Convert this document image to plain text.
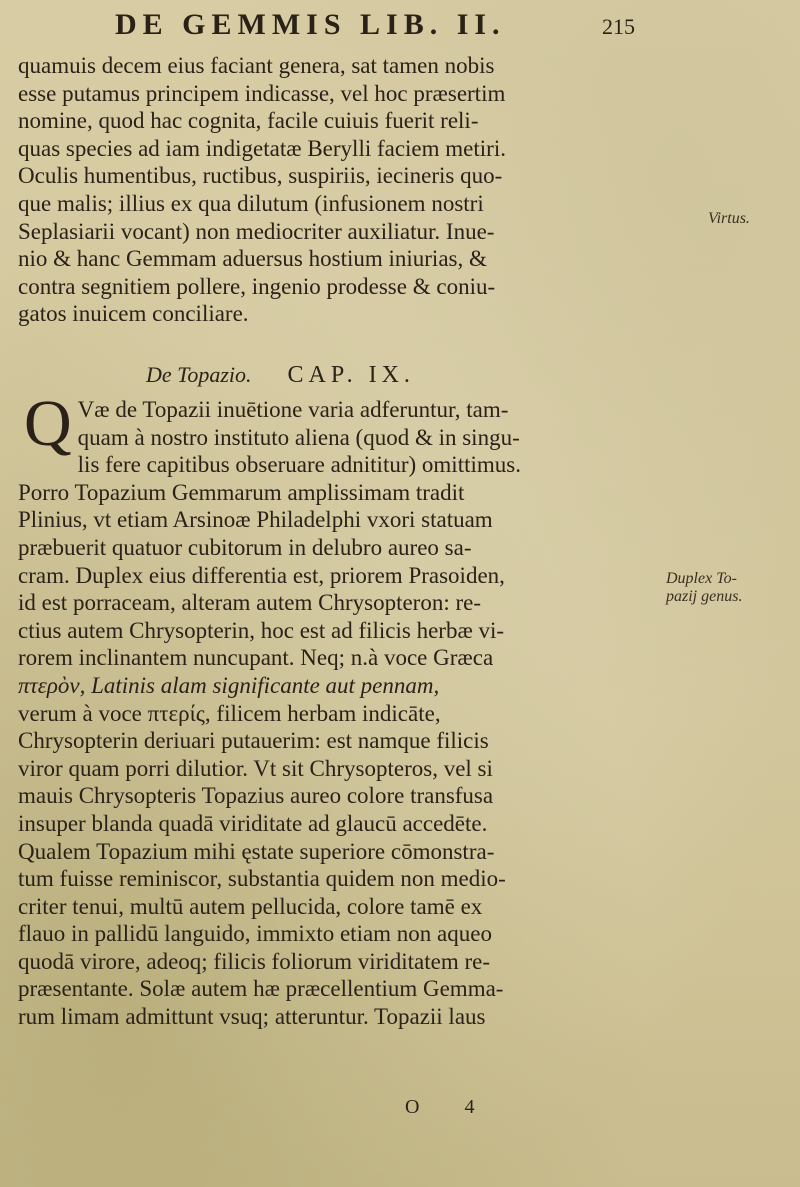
DE GEMMIS LIB. II.	215
quamuis decem eius faciant genera, sat tamen nobis
esse putamus principem indicasse, vel hoc præsertim
nomine, quod hac cognita, facile cuiuis fuerit reli-
quas species ad iam indigetatæ Berylli faciem metiri.
Oculis humentibus, ructibus, suspiriis, iecineris quo-
que malis; illius ex qua dilutum (infusionem nostri
Seplasiarii vocant) non mediocriter auxiliatur. Inue-
nio & hanc Gemmam aduersus hostium iniurias, &
contra segnitiem pollere, ingenio prodesse & coniu-
gatos inuicem conciliare.
De Topazio. CAP. IX.
Q Væ de Topazii inuētione varia adferuntur, tam-
quam à nostro instituto aliena (quod & in singu-
lis fere capitibus obseruare adnititur) omittimus.
Porro Topazium Gemmarum amplissimam tradit
Plinius, vt etiam Arsinoæ Philadelphi vxori statuam
præbuerit quatuor cubitorum in delubro aureo sa-
cram. Duplex eius differentia est, priorem Prasoiden,
id est porraceam, alteram autem Chrysopteron: re-
ctius autem Chrysopterin, hoc est ad filicis herbæ vi-
rorem inclinantem nuncupant. Neq; n.à voce Græca
πτερὸν, Latinis alam significante aut pennam,
verum à voce πτερίς, filicem herbam indicāte,
Chrysopterin deriuari putauerim: est namque filicis
viror quam porri dilutior. Vt sit Chrysopteros, vel si
mauis Chrysopteris Topazius aureo colore transfusa
insuper blanda quadā viriditate ad glaucū accedēte.
Qualem Topazium mihi ęstate superiore cōmonstra-
tum fuisse reminiscor, substantia quidem non medio-
criter tenui, multū autem pellucida, colore tamē ex
flauo in pallidū languido, immixto etiam non aqueo
quodā virore, adeoq; filicis foliorum viriditatem re-
præsentante. Solæ autem hæ præcellentium Gemma-
rum limam admittunt vsuq; atteruntur. Topazii laus
Virtus.
Duplex To-
pazij genus.
O 4
